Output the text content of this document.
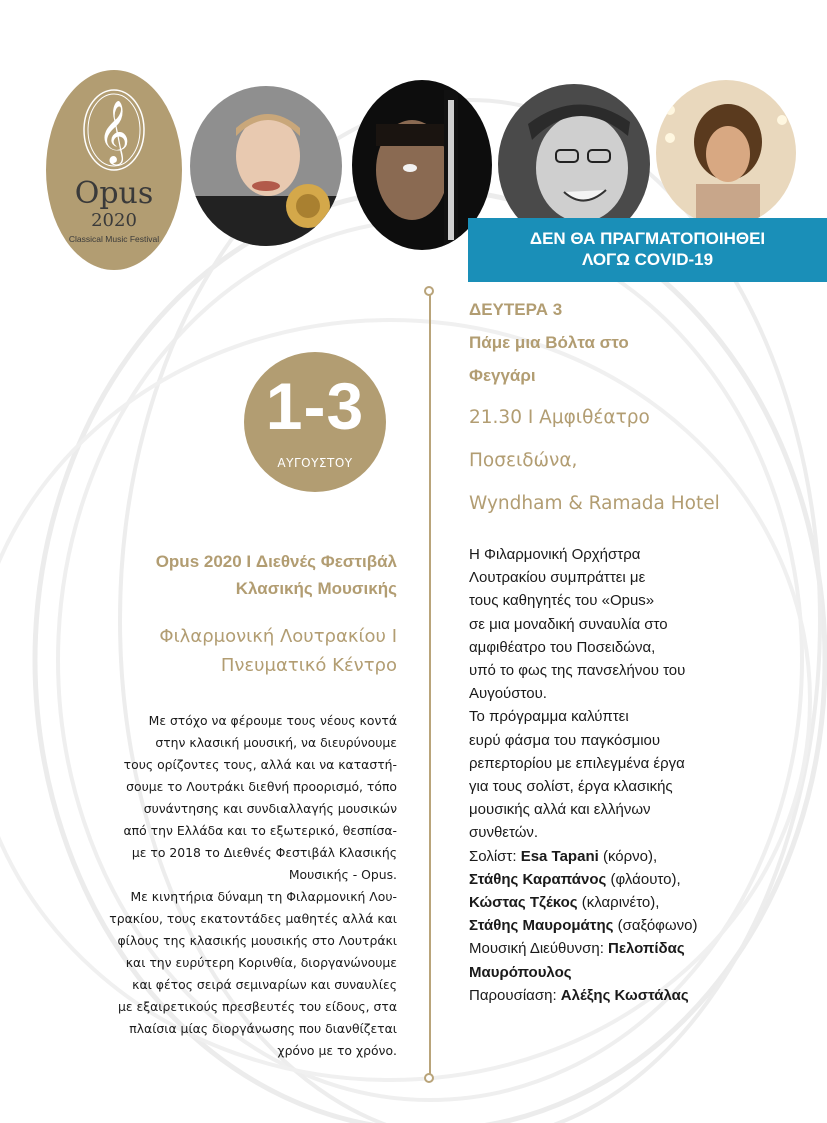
𝄞
Opus
2020
Classical Music Festival	ΔΕΝ ΘΑ ΠΡΑΓΜΑΤΟΠΟΙΗΘΕΙ
ΛΟΓΩ COVID-19
1-3
ΑΥΓΟΥΣΤΟΥ
Opus 2020 I Διεθνές Φεστιβάλ
Κλασικής Μουσικής
Φιλαρμονική Λουτρακίου I
Πνευματικό Κέντρο
Με στόχο να φέρουμε τους νέους κοντά
στην κλασική μουσική, να διευρύνουμε
τους ορίζοντες τους, αλλά και να καταστή-
σουμε το Λουτράκι διεθνή προορισμό, τόπο
συνάντησης και συνδιαλλαγής μουσικών
από την Ελλάδα και το εξωτερικό, θεσπίσα-
με το 2018 το Διεθνές Φεστιβάλ Κλασικής
Μουσικής - Opus.
Με κινητήρια δύναμη τη Φιλαρμονική Λου-
τρακίου, τους εκατοντάδες μαθητές αλλά και
φίλους της κλασικής μουσικής στο Λουτράκι
και την ευρύτερη Κορινθία, διοργανώνουμε
και φέτος σειρά σεμιναρίων και συναυλίες
με εξαιρετικούς πρεσβευτές του είδους, στα
πλαίσια μίας διοργάνωσης που διανθίζεται
χρόνο με το χρόνο.
ΔΕΥΤΕΡΑ 3
Πάμε μια Βόλτα στο
Φεγγάρι
21.30 I Αμφιθέατρο
Ποσειδώνα,
Wyndham & Ramada Hotel
Η Φιλαρμονική Ορχήστρα
Λουτρακίου συμπράττει με
τους καθηγητές του «Opus»
σε μια μοναδική συναυλία στο
αμφιθέατρο του Ποσειδώνα,
υπό το φως της πανσελήνου του
Αυγούστου.
Το πρόγραμμα καλύπτει
ευρύ φάσμα του παγκόσμιου
ρεπερτορίου με επιλεγμένα έργα
για τους σολίστ, έργα κλασικής
μουσικής αλλά και ελλήνων
συνθετών.
Σολίστ: Esa Tapani (κόρνο),
Στάθης Καραπάνος (φλάουτο),
Κώστας Τζέκος (κλαρινέτο),
Στάθης Μαυρομάτης (σαξόφωνο)
Μουσική Διεύθυνση: Πελοπίδας
Μαυρόπουλος
Παρουσίαση: Αλέξης Κωστάλας
